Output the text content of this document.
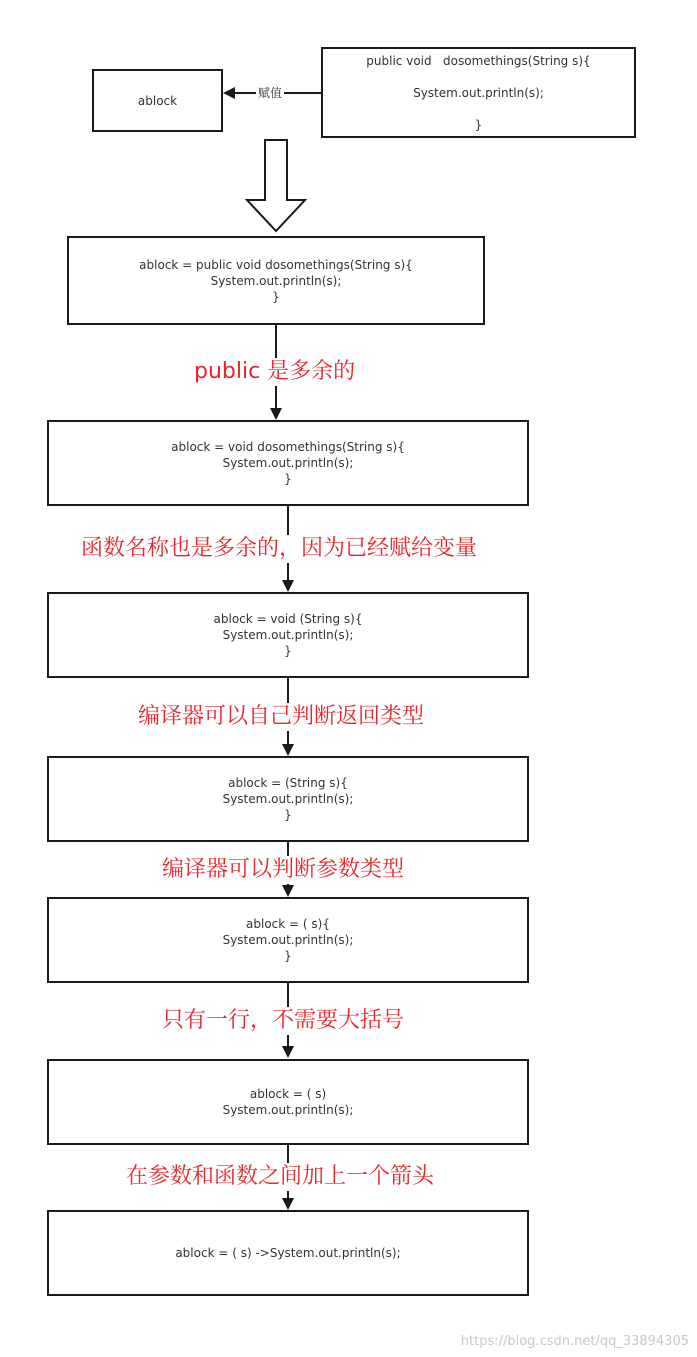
ablock
public void   dosomethings(String s){

System.out.println(s);

}
赋值
ablock = public void dosomethings(String s){
System.out.println(s);
}
public 是多余的
ablock = void dosomethings(String s){
System.out.println(s);
}
函数名称也是多余的，因为已经赋给变量
ablock = void (String s){
System.out.println(s);
}
编译器可以自己判断返回类型
ablock = (String s){
System.out.println(s);
}
编译器可以判断参数类型
ablock = ( s){
System.out.println(s);
}
只有一行，不需要大括号
ablock = ( s)
System.out.println(s);
在参数和函数之间加上一个箭头
ablock = ( s) ->System.out.println(s);
https://blog.csdn.net/qq_33894305
